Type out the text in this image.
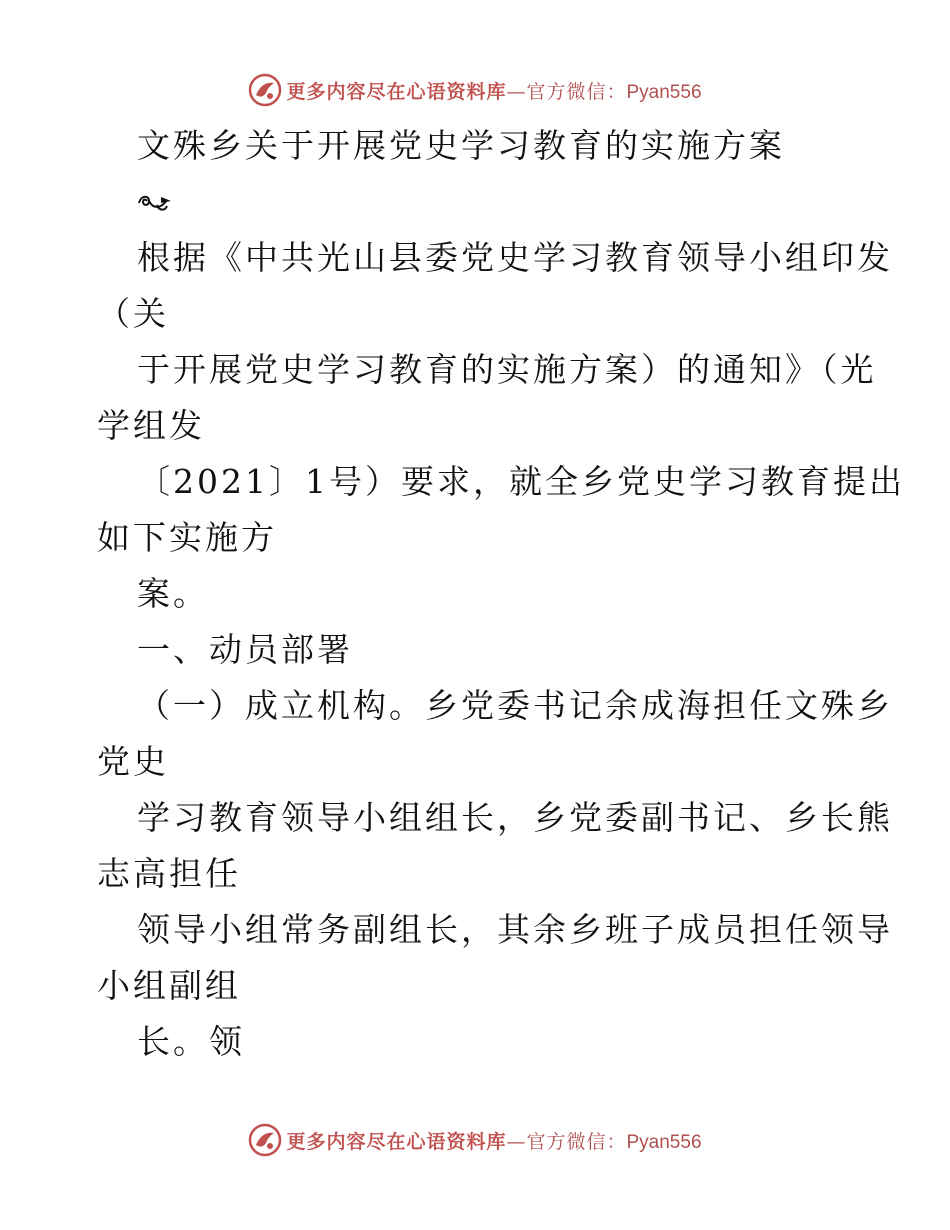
更多内容尽在心语资料库—官方微信：Pyan556
文殊乡关于开展党史学习教育的实施方案
根据《中共光山县委党史学习教育领导小组印发
（关
于开展党史学习教育的实施方案）的通知》（光
学组发
〔2021〕1号）要求，就全乡党史学习教育提出
如下实施方
案。
一、动员部署
（一）成立机构。乡党委书记余成海担任文殊乡
党史
学习教育领导小组组长，乡党委副书记、乡长熊
志高担任
领导小组常务副组长，其余乡班子成员担任领导
小组副组
长。领
更多内容尽在心语资料库—官方微信：Pyan556
